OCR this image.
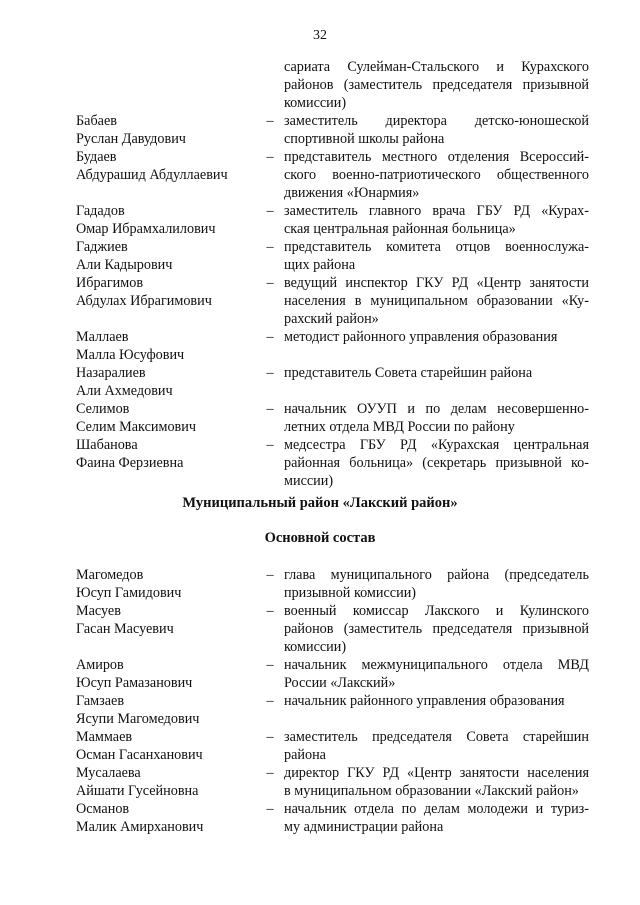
32
сариата Сулейман-Стальского и Курахского
районов (заместитель председателя призывной
комиссии)
Бабаев
Руслан Давудович
– заместитель директора детско-юношеской
спортивной школы района
Будаев
Абдурашид Абдуллаевич
– представитель местного отделения Всероссий-
ского военно-патриотического общественного
движения «Юнармия»
Гададов
Омар Ибрамхалилович
– заместитель главного врача ГБУ РД «Курах-
ская центральная районная больница»
Гаджиев
Али Кадырович
– представитель комитета отцов военнослужа-
щих района
Ибрагимов
Абдулах Ибрагимович
– ведущий инспектор ГКУ РД «Центр занятости
населения в муниципальном образовании «Ку-
рахский район»
Маллаев
Малла Юсуфович
– методист районного управления образования
Назаралиев
Али Ахмедович
– представитель Совета старейшин района
Селимов
Селим Максимович
– начальник ОУУП и по делам несовершенно-
летних отдела МВД России по району
Шабанова
Фаина Ферзиевна
– медсестра ГБУ РД «Курахская центральная
районная больница» (секретарь призывной ко-
миссии)
Муниципальный район «Лакский район»
Основной состав
Магомедов
Юсуп Гамидович
– глава муниципального района (председатель
призывной комиссии)
Масуев
Гасан Масуевич
– военный комиссар Лакского и Кулинского
районов (заместитель председателя призывной
комиссии)
Амиров
Юсуп Рамазанович
– начальник межмуниципального отдела МВД
России «Лакский»
Гамзаев
Ясупи Магомедович
– начальник районного управления образования
Маммаев
Осман Гасанханович
– заместитель председателя Совета старейшин
района
Мусалаева
Айшати Гусейновна
– директор ГКУ РД «Центр занятости населения
в муниципальном образовании «Лакский район»
Османов
Малик Амирханович
– начальник отдела по делам молодежи и туриз-
му администрации района
